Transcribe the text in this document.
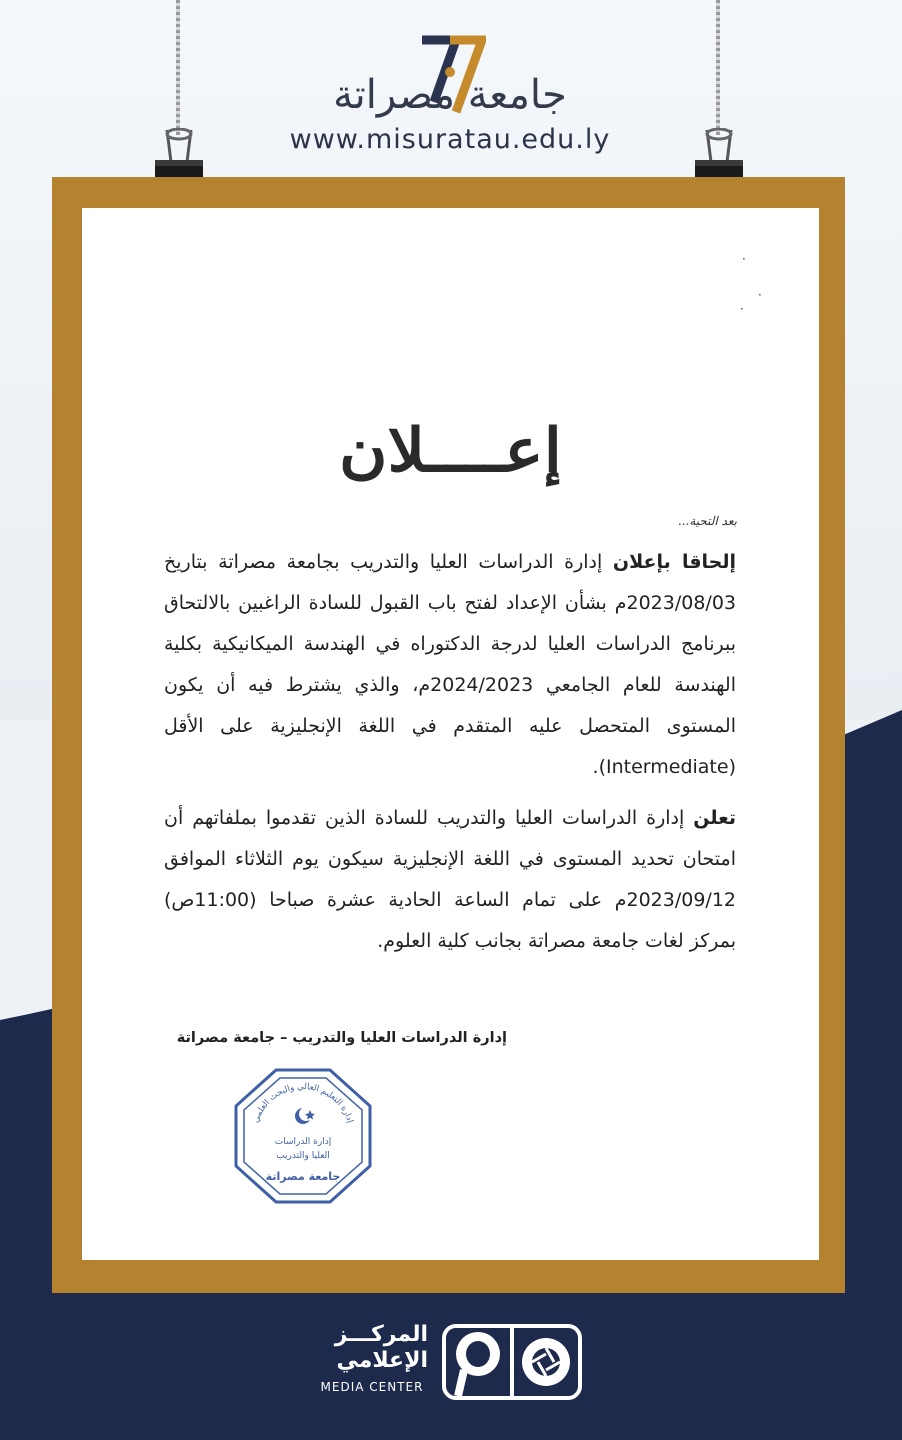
جامعة مصراتة
www.misuratau.edu.ly
·
·
·
إعــــلان
بعد التحية...
إلحاقا بإعلان إدارة الدراسات العليا والتدريب بجامعة مصراتة بتاريخ 2023/08/03م بشأن الإعداد لفتح باب القبول للسادة الراغبين بالالتحاق ببرنامج الدراسات العليا لدرجة الدكتوراه في الهندسة الميكانيكية بكلية الهندسة للعام الجامعي 2024/2023م، والذي يشترط فيه أن يكون المستوى المتحصل عليه المتقدم في اللغة الإنجليزية على الأقل (Intermediate).
تعلن إدارة الدراسات العليا والتدريب للسادة الذين تقدموا بملفاتهم أن امتحان تحديد المستوى في اللغة الإنجليزية سيكون يوم الثلاثاء الموافق 2023/09/12م على تمام الساعة الحادية عشرة صباحا (11:00ص) بمركز لغات جامعة مصراتة بجانب كلية العلوم.
إدارة الدراسات العليا والتدريب – جامعة مصراتة
إدارة التعليم العالي والبحث العلمي
إدارة الدراسات
العليا والتدريب
جامعة مصراتة
المركـــز
الإعلامي
MEDIA CENTER
